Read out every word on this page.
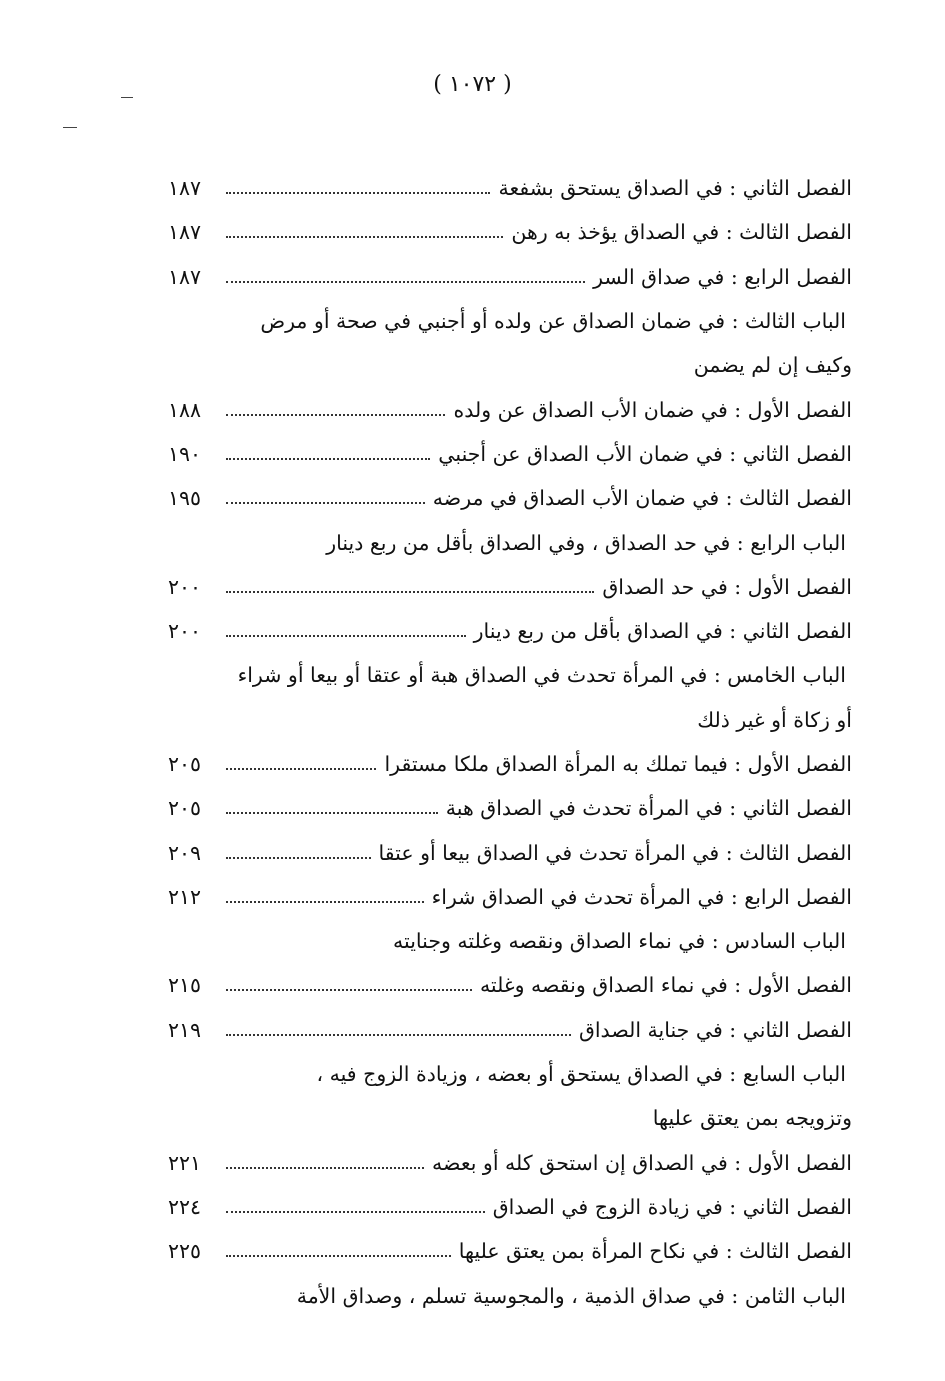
( ١٠٧٢ )
الفصل الثاني : في الصداق يستحق بشفعة
١٨٧
الفصل الثالث : في الصداق يؤخذ به رهن
١٨٧
الفصل الرابع : في صداق السر
١٨٧
الباب الثالث : في ضمان الصداق عن ولده أو أجنبي في صحة أو مرض
وكيف إن لم يضمن
الفصل الأول : في ضمان الأب الصداق عن ولده
١٨٨
الفصل الثاني : في ضمان الأب الصداق عن أجنبي
١٩٠
الفصل الثالث : في ضمان الأب الصداق في مرضه
١٩٥
الباب الرابع : في حد الصداق ، وفي الصداق بأقل من ربع دينار
الفصل الأول : في حد الصداق
٢٠٠
الفصل الثاني : في الصداق بأقل من ربع دينار
٢٠٠
الباب الخامس : في المرأة تحدث في الصداق هبة أو عتقا أو بيعا أو شراء
أو زكاة أو غير ذلك
الفصل الأول : فيما تملك به المرأة الصداق ملكا مستقرا
٢٠٥
الفصل الثاني : في المرأة تحدث في الصداق هبة
٢٠٥
الفصل الثالث : في المرأة تحدث في الصداق بيعا أو عتقا
٢٠٩
الفصل الرابع : في المرأة تحدث في الصداق شراء
٢١٢
الباب السادس : في نماء الصداق ونقصه وغلته وجنايته
الفصل الأول : في نماء الصداق ونقصه وغلته
٢١٥
الفصل الثاني : في جناية الصداق
٢١٩
الباب السابع : في الصداق يستحق أو بعضه ، وزيادة الزوج فيه ،
وتزويجه بمن يعتق عليها
الفصل الأول : في الصداق إن استحق كله أو بعضه
٢٢١
الفصل الثاني : في زيادة الزوج في الصداق
٢٢٤
الفصل الثالث : في نكاح المرأة بمن يعتق عليها
٢٢٥
الباب الثامن : في صداق الذمية ، والمجوسية تسلم ، وصداق الأمة
